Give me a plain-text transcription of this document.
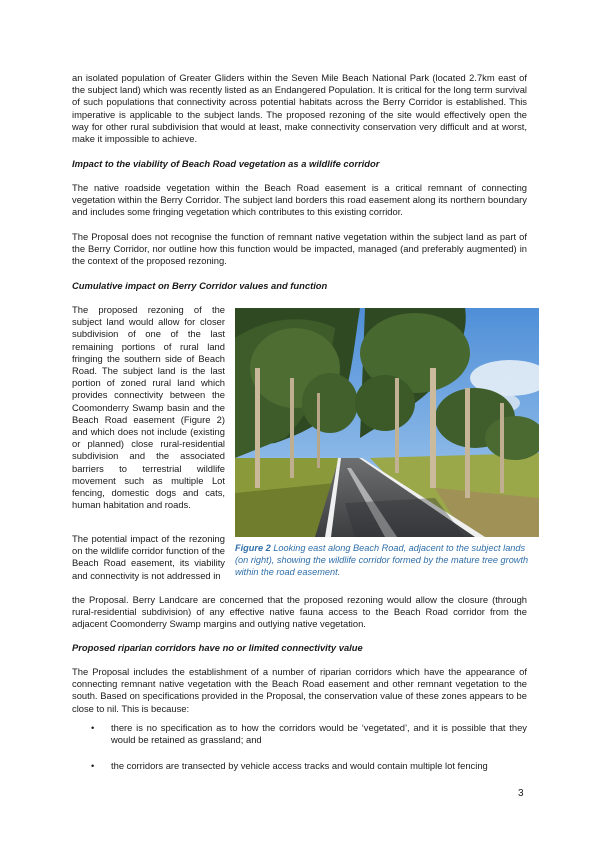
an isolated population of Greater Gliders within the Seven Mile Beach National Park (located 2.7km east of the subject land) which was recently listed as an Endangered Population. It is critical for the long term survival of such populations that connectivity across potential habitats across the Berry Corridor is established. This imperative is applicable to the subject lands. The proposed rezoning of the site would effectively open the way for other rural subdivision that would at least, make connectivity conservation very difficult and at worst, make it impossible to achieve.

Impact to the viability of Beach Road vegetation as a wildlife corridor

The native roadside vegetation within the Beach Road easement is a critical remnant of connecting vegetation within the Berry Corridor. The subject land borders this road easement along its northern boundary and includes some fringing vegetation which contributes to this existing corridor.

The Proposal does not recognise the function of remnant native vegetation within the subject land as part of the Berry Corridor, nor outline how this function would be impacted, managed (and preferably augmented) in the context of the proposed rezoning.

Cumulative impact on Berry Corridor values and function

The proposed rezoning of the subject land would allow for closer subdivision of one of the last remaining portions of rural land fringing the southern side of Beach Road. The subject land is the last portion of zoned rural land which provides connectivity between the Coomonderry Swamp basin and the Beach Road easement (Figure 2) and which does not include (existing or planned) close rural-residential subdivision and the associated barriers to terrestrial wildlife movement such as multiple Lot fencing, domestic dogs and cats, human habitation and roads.

The potential impact of the rezoning on the wildlife corridor function of the Beach Road easement, its viability and connectivity is not addressed in

Figure 2 Looking east along Beach Road, adjacent to the subject lands (on right), showing the wildlife corridor formed by the mature tree growth within the road easement.

the Proposal. Berry Landcare are concerned that the proposed rezoning would allow the closure (through rural-residential subdivision) of any effective native fauna access to the Beach Road corridor from the adjacent Coomonderry Swamp margins and outlying native vegetation.

Proposed riparian corridors have no or limited connectivity value

The Proposal includes the establishment of a number of riparian corridors which have the appearance of connecting remnant native vegetation with the Beach Road easement and other remnant vegetation to the south. Based on specifications provided in the Proposal, the conservation value of these zones appears to be close to nil. This is because:

• there is no specification as to how the corridors would be ‘vegetated’, and it is possible that they would be retained as grassland; and
• the corridors are transected by vehicle access tracks and would contain multiple lot fencing
3
